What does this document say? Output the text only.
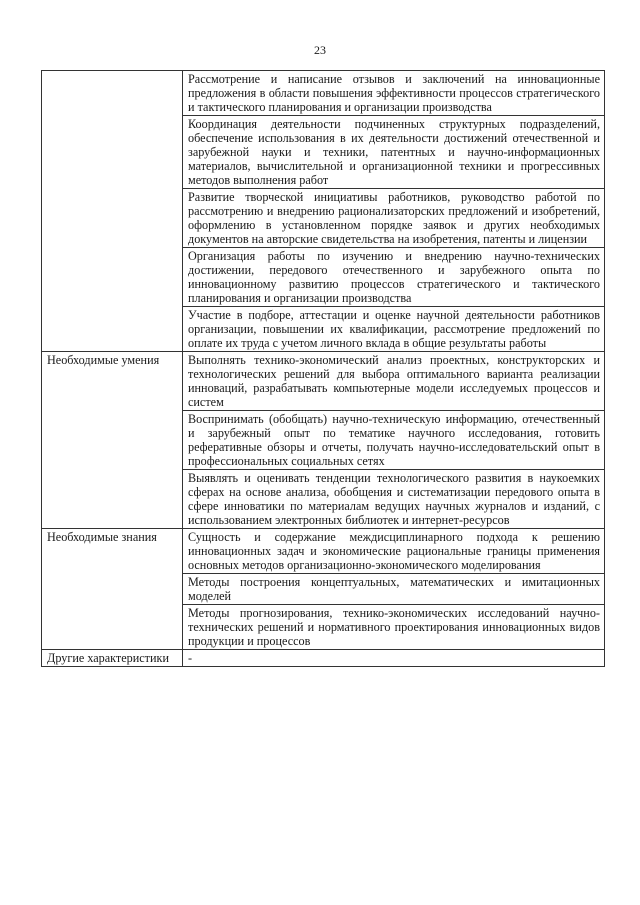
23

	Рассмотрение и написание отзывов и заключений на инновационные предложения в области повышения эффективности процессов стратегического и тактического планирования и организации производства

	Координация деятельности подчиненных структурных подразделений, обеспечение использования в их деятельности достижений отечественной и зарубежной науки и техники, патентных и научно-информационных материалов, вычислительной и организационной техники и прогрессивных методов выполнения работ

	Развитие творческой инициативы работников, руководство работой по рассмотрению и внедрению рационализаторских предложений и изобретений, оформлению в установленном порядке заявок и других необходимых документов на авторские свидетельства на изобретения, патенты и лицензии

	Организация работы по изучению и внедрению научно-технических достижении, передового отечественного и зарубежного опыта по инновационному развитию процессов стратегического и тактического планирования и организации производства

	Участие в подборе, аттестации и оценке научной деятельности работников организации, повышении их квалификации, рассмотрение предложений по оплате их труда с учетом личного вклада в общие результаты работы

Необходимые умения	Выполнять технико-экономический анализ проектных, конструкторских и технологических решений для выбора оптимального варианта реализации инноваций, разрабатывать компьютерные модели исследуемых процессов и систем

	Воспринимать (обобщать) научно-техническую информацию, отечественный и зарубежный опыт по тематике научного исследования, готовить реферативные обзоры и отчеты, получать научно-исследовательский опыт в профессиональных социальных сетях

	Выявлять и оценивать тенденции технологического развития в наукоемких сферах на основе анализа, обобщения и систематизации передового опыта в сфере инноватики по материалам ведущих научных журналов и изданий, с использованием электронных библиотек и интернет-ресурсов

Необходимые знания	Сущность и содержание междисциплинарного подхода к решению инновационных задач и экономические рациональные границы применения основных методов организационно-экономического моделирования

	Методы построения концептуальных, математических и имитационных моделей

	Методы прогнозирования, технико-экономических исследований научно-технических решений и нормативного проектирования инновационных видов продукции и процессов

Другие характеристики	-
